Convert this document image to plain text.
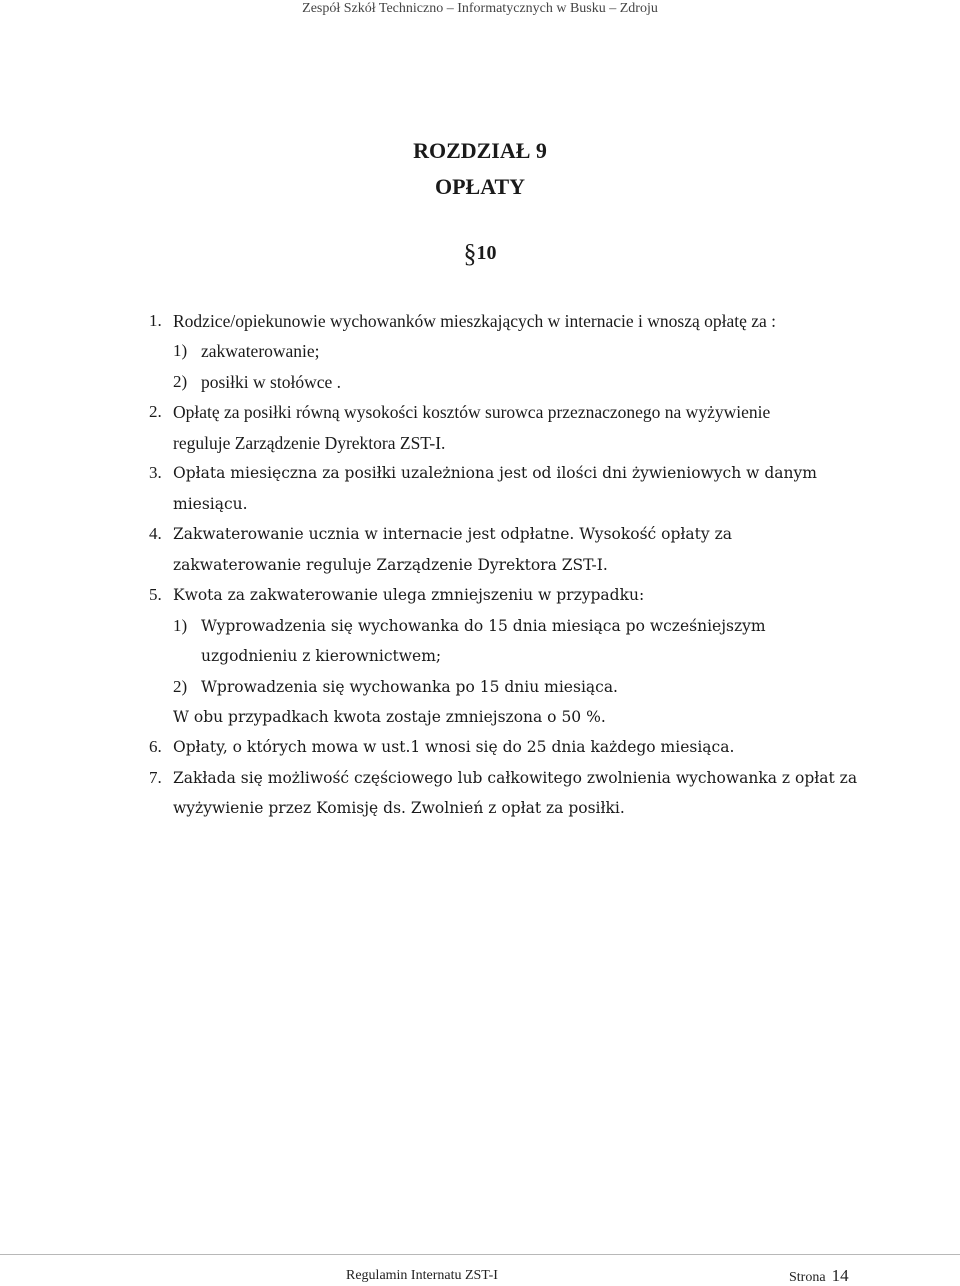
Zespół Szkół Techniczno – Informatycznych w Busku – Zdroju
ROZDZIAŁ 9
OPŁATY
§10
1. Rodzice/opiekunowie wychowanków mieszkających w internacie i wnoszą opłatę za :
1) zakwaterowanie;
2) posiłki w stołówce .
2. Opłatę za posiłki równą wysokości kosztów surowca przeznaczonego na wyżywienie
reguluje Zarządzenie Dyrektora ZST-I.
3. Opłata miesięczna za posiłki uzależniona jest od ilości dni żywieniowych w danym
miesiącu.
4. Zakwaterowanie ucznia w internacie jest odpłatne. Wysokość opłaty za
zakwaterowanie reguluje Zarządzenie Dyrektora ZST-I.
5. Kwota za zakwaterowanie ulega zmniejszeniu w przypadku:
1) Wyprowadzenia się wychowanka do 15 dnia miesiąca po wcześniejszym
uzgodnieniu z kierownictwem;
2) Wprowadzenia się wychowanka po 15 dniu miesiąca.
W obu przypadkach kwota zostaje zmniejszona o 50 %.
6. Opłaty, o których mowa w ust.1 wnosi się do 25 dnia każdego miesiąca.
7. Zakłada się możliwość częściowego lub całkowitego zwolnienia wychowanka z opłat za
wyżywienie przez Komisję ds. Zwolnień z opłat za posiłki.
Regulamin Internatu ZST-I	Strona 14
